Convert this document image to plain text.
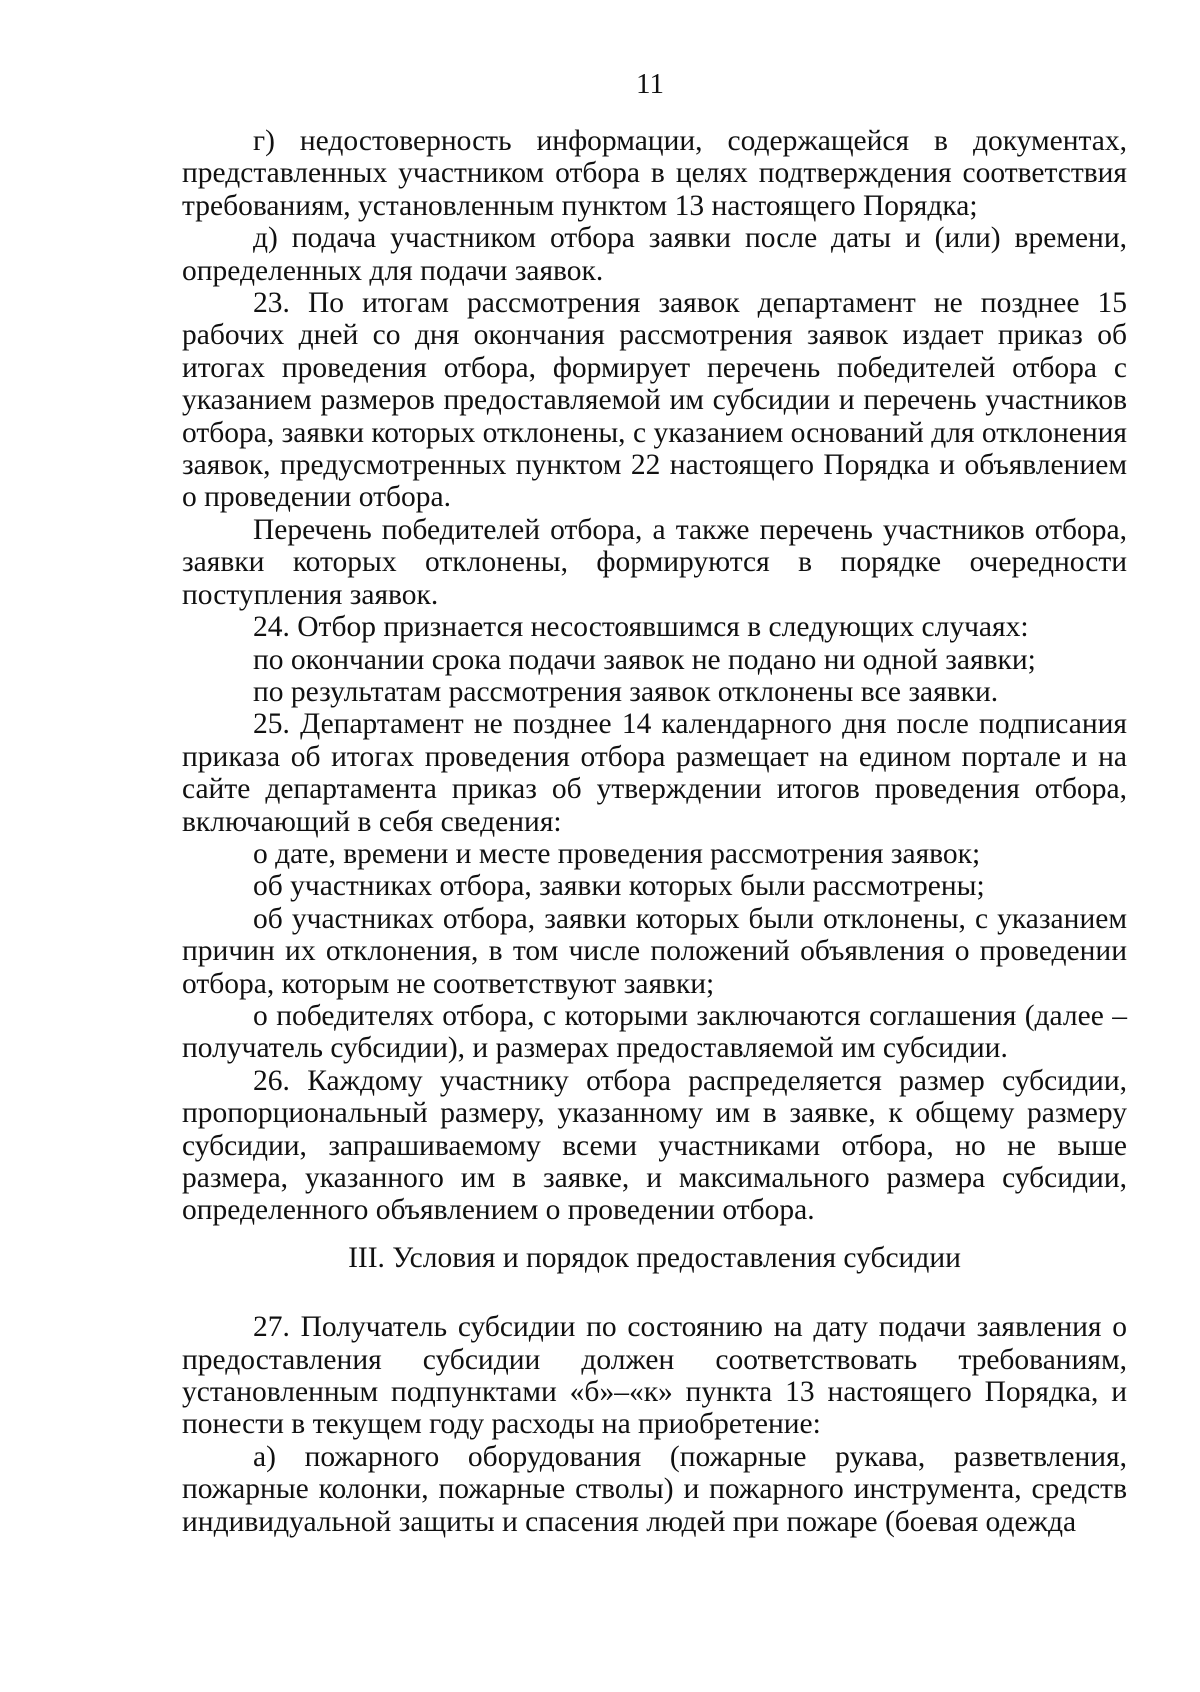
11

г) недостоверность информации, содержащейся в документах, представленных участником отбора в целях подтверждения соответствия требованиям, установленным пунктом 13 настоящего Порядка;

д) подача участником отбора заявки после даты и (или) времени, определенных для подачи заявок.

23. По итогам рассмотрения заявок департамент не позднее 15 рабочих дней со дня окончания рассмотрения заявок издает приказ об итогах проведения отбора, формирует перечень победителей отбора с указанием размеров предоставляемой им субсидии и перечень участников отбора, заявки которых отклонены, с указанием оснований для отклонения заявок, предусмотренных пунктом 22 настоящего Порядка и объявлением о проведении отбора.

Перечень победителей отбора, а также перечень участников отбора, заявки которых отклонены, формируются в порядке очередности поступления заявок.

24. Отбор признается несостоявшимся в следующих случаях:

по окончании срока подачи заявок не подано ни одной заявки;

по результатам рассмотрения заявок отклонены все заявки.

25. Департамент не позднее 14 календарного дня после подписания приказа об итогах проведения отбора размещает на едином портале и на сайте департамента приказ об утверждении итогов проведения отбора, включающий в себя сведения:

о дате, времени и месте проведения рассмотрения заявок;

об участниках отбора, заявки которых были рассмотрены;

об участниках отбора, заявки которых были отклонены, с указанием причин их отклонения, в том числе положений объявления о проведении отбора, которым не соответствуют заявки;

о победителях отбора, с которыми заключаются соглашения (далее – получатель субсидии), и размерах предоставляемой им субсидии.

26. Каждому участнику отбора распределяется размер субсидии, пропорциональный размеру, указанному им в заявке, к общему размеру субсидии, запрашиваемому всеми участниками отбора, но не выше размера, указанного им в заявке, и максимального размера субсидии, определенного объявлением о проведении отбора.

III. Условия и порядок предоставления субсидии

27. Получатель субсидии по состоянию на дату подачи заявления о предоставления субсидии должен соответствовать требованиям, установленным подпунктами «б»–«к» пункта 13 настоящего Порядка, и понести в текущем году расходы на приобретение:

а) пожарного оборудования (пожарные рукава, разветвления, пожарные колонки, пожарные стволы) и пожарного инструмента, средств индивидуальной защиты и спасения людей при пожаре (боевая одежда
